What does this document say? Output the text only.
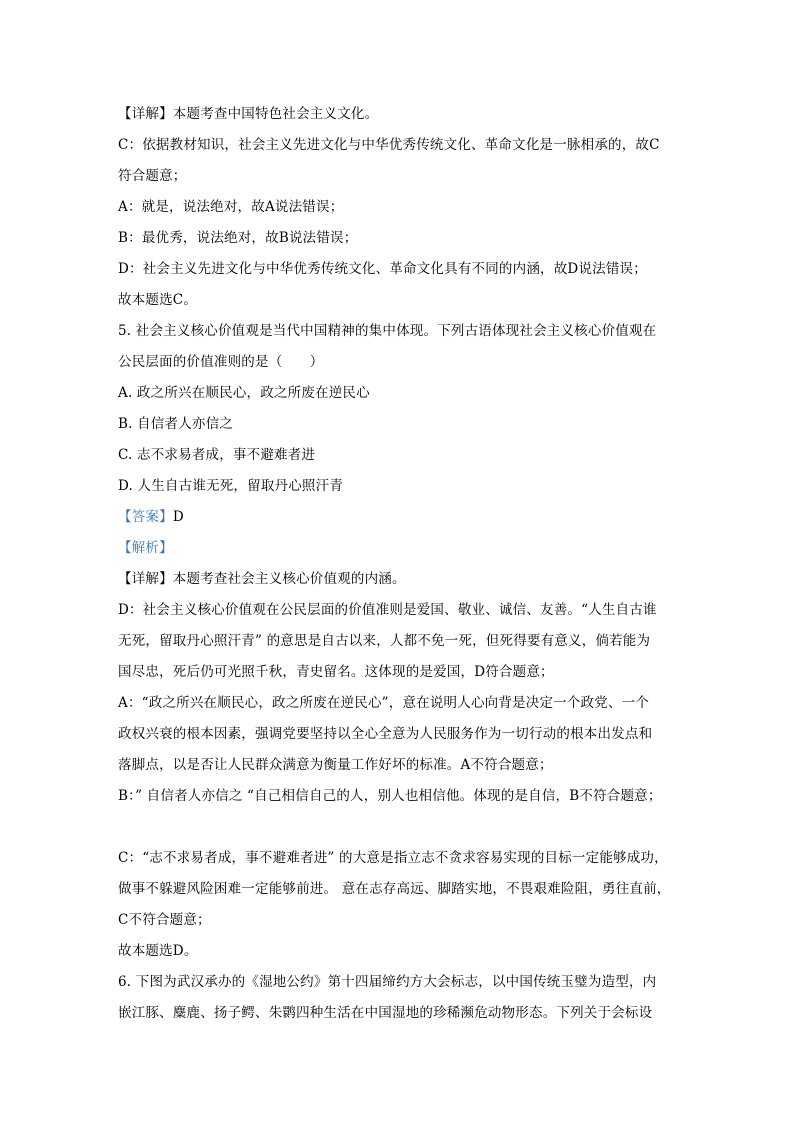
【详解】本题考查中国特色社会主义文化。
C：依据教材知识，社会主义先进文化与中华优秀传统文化、革命文化是一脉相承的，故C
符合题意；
A：就是，说法绝对，故A说法错误；
B：最优秀，说法绝对，故B说法错误；
D：社会主义先进文化与中华优秀传统文化、革命文化具有不同的内涵，故D说法错误；
故本题选C。
5. 社会主义核心价值观是当代中国精神的集中体现。下列古语体现社会主义核心价值观在
公民层面的价值准则的是（　　）
A. 政之所兴在顺民心，政之所废在逆民心
B. 自信者人亦信之
C. 志不求易者成，事不避难者进
D. 人生自古谁无死，留取丹心照汗青
【答案】D
【解析】
【详解】本题考查社会主义核心价值观的内涵。
D：社会主义核心价值观在公民层面的价值准则是爱国、敬业、诚信、友善。“人生自古谁
无死，留取丹心照汗青” 的意思是自古以来，人都不免一死，但死得要有意义，倘若能为
国尽忠，死后仍可光照千秋，青史留名。这体现的是爱国，D符合题意；
A：“政之所兴在顺民心，政之所废在逆民心”，意在说明人心向背是决定一个政党、一个
政权兴衰的根本因素，强调党要坚持以全心全意为人民服务作为一切行动的根本出发点和
落脚点，以是否让人民群众满意为衡量工作好坏的标准。A不符合题意；
B：” 自信者人亦信之 “自己相信自己的人，别人也相信他。体现的是自信，B不符合题意；
C：“志不求易者成，事不避难者进” 的大意是指立志不贪求容易实现的目标一定能够成功，
做事不躲避风险困难一定能够前进。 意在志存高远、脚踏实地，不畏艰难险阻，勇往直前，
C不符合题意；
故本题选D。
6. 下图为武汉承办的《湿地公约》第十四届缔约方大会标志，以中国传统玉璧为造型，内
嵌江豚、麋鹿、扬子鳄、朱鹮四种生活在中国湿地的珍稀濒危动物形态。下列关于会标设
